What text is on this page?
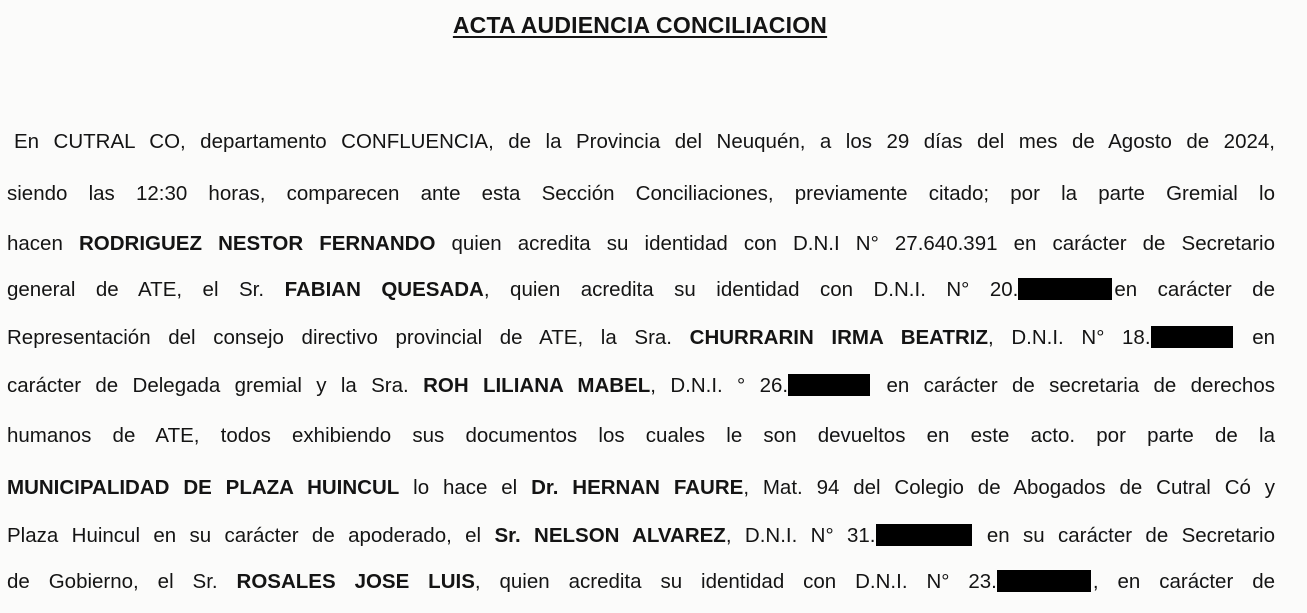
ACTA AUDIENCIA CONCILIACION
En CUTRAL CO, departamento CONFLUENCIA, de la Provincia del Neuquén, a los 29 días del mes de Agosto de 2024,
siendo las 12:30 horas, comparecen ante esta Sección Conciliaciones, previamente citado; por la parte Gremial lo
hacen RODRIGUEZ NESTOR FERNANDO quien acredita su identidad con D.N.I N° 27.640.391 en carácter de Secretario
general de ATE, el Sr. FABIAN QUESADA, quien acredita su identidad con D.N.I. N° 20.	en carácter de
Representación del consejo directivo provincial de ATE, la Sra. CHURRARIN IRMA BEATRIZ, D.N.I. N° 18.	en
carácter de Delegada gremial y la Sra. ROH LILIANA MABEL, D.N.I. ° 26.	en carácter de secretaria de derechos
humanos de ATE, todos exhibiendo sus documentos los cuales le son devueltos en este acto. por parte de la
MUNICIPALIDAD DE PLAZA HUINCUL lo hace el Dr. HERNAN FAURE, Mat. 94 del Colegio de Abogados de Cutral Có y
Plaza Huincul en su carácter de apoderado, el Sr. NELSON ALVAREZ, D.N.I. N° 31.	en su carácter de Secretario
de Gobierno, el Sr. ROSALES JOSE LUIS, quien acredita su identidad con D.N.I. N° 23.	, en carácter de
